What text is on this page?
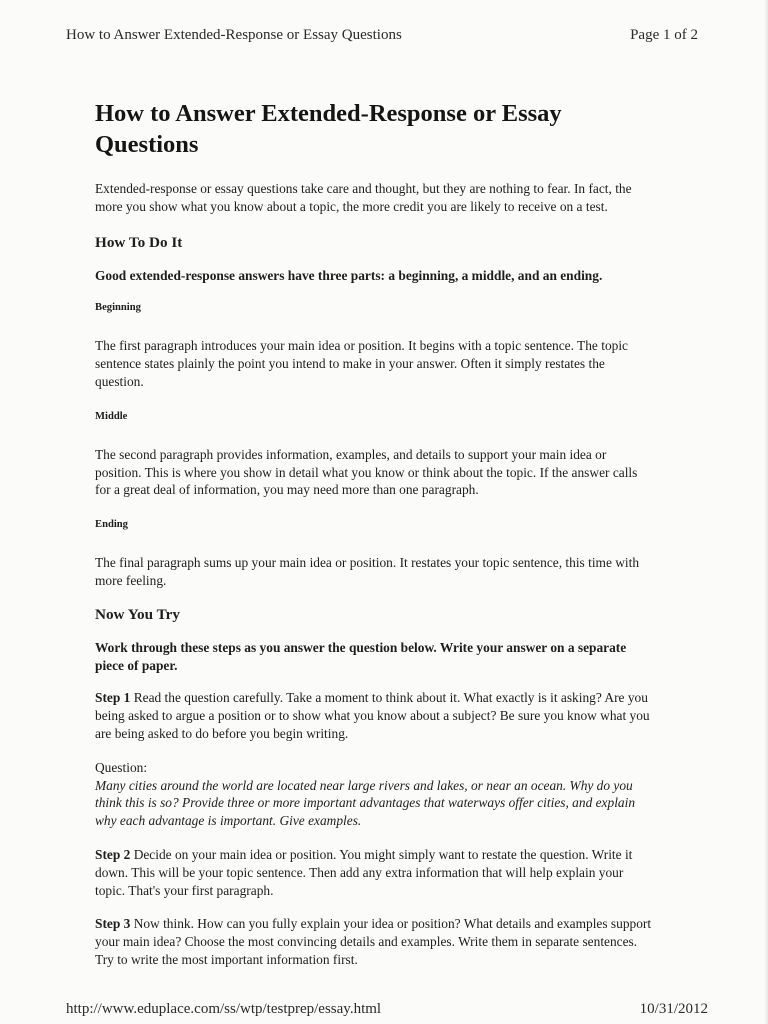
How to Answer Extended-Response or Essay Questions	Page 1 of 2
How to Answer Extended-Response or Essay Questions

Extended-response or essay questions take care and thought, but they are nothing to fear. In fact, the more you show what you know about a topic, the more credit you are likely to receive on a test.

How To Do It

Good extended-response answers have three parts: a beginning, a middle, and an ending.

Beginning

The first paragraph introduces your main idea or position. It begins with a topic sentence. The topic sentence states plainly the point you intend to make in your answer. Often it simply restates the question.

Middle

The second paragraph provides information, examples, and details to support your main idea or position. This is where you show in detail what you know or think about the topic. If the answer calls for a great deal of information, you may need more than one paragraph.

Ending

The final paragraph sums up your main idea or position. It restates your topic sentence, this time with more feeling.

Now You Try

Work through these steps as you answer the question below. Write your answer on a separate piece of paper.

Step 1 Read the question carefully. Take a moment to think about it. What exactly is it asking? Are you being asked to argue a position or to show what you know about a subject? Be sure you know what you are being asked to do before you begin writing.

Question:

Many cities around the world are located near large rivers and lakes, or near an ocean. Why do you think this is so? Provide three or more important advantages that waterways offer cities, and explain why each advantage is important. Give examples.

Step 2 Decide on your main idea or position. You might simply want to restate the question. Write it down. This will be your topic sentence. Then add any extra information that will help explain your topic. That's your first paragraph.

Step 3 Now think. How can you fully explain your idea or position? What details and examples support your main idea? Choose the most convincing details and examples. Write them in separate sentences. Try to write the most important information first.

http://www.eduplace.com/ss/wtp/testprep/essay.html	10/31/2012
